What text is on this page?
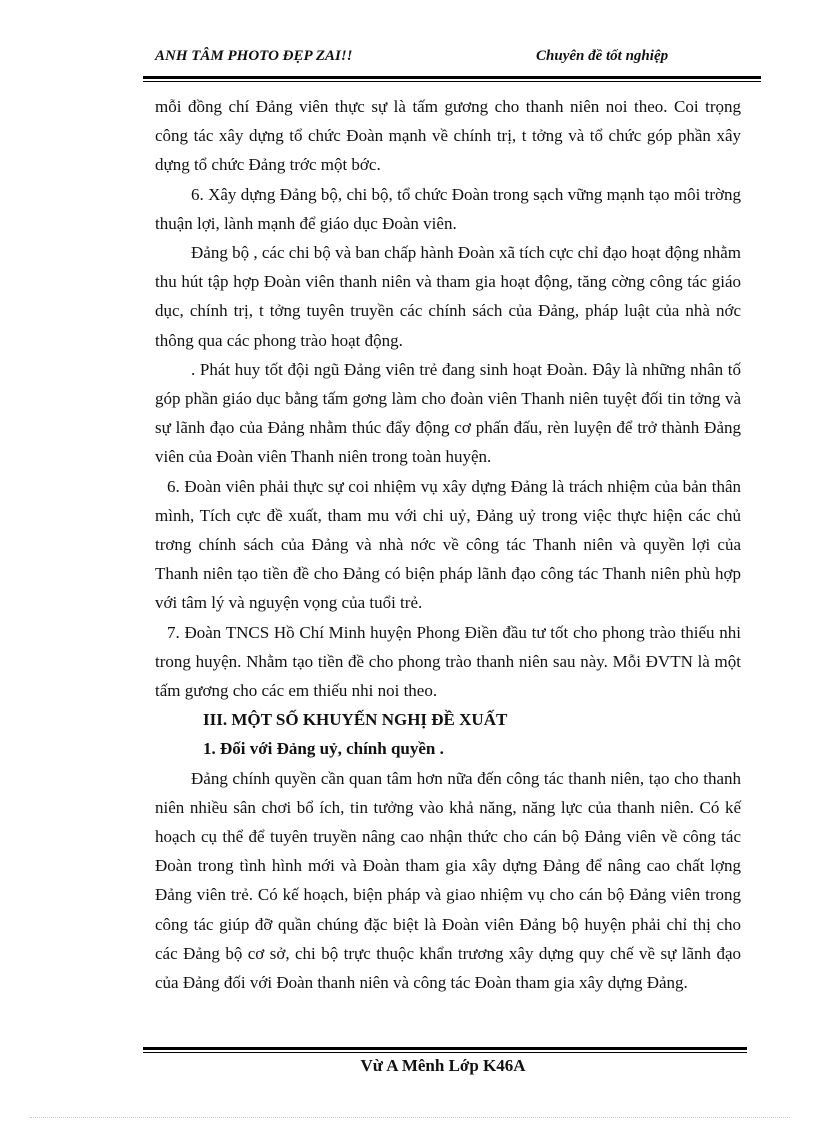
ANH TÂM PHOTO ĐẸP ZAI!!	Chuyên đề tốt nghiệp

mỗi đồng chí Đảng viên thực sự là tấm gương cho thanh niên noi theo. Coi trọng công tác xây dựng tổ chức Đoàn mạnh về chính trị, t tởng và tổ chức góp phần xây dựng tổ chức Đảng trớc một bớc.

6. Xây dựng Đảng bộ, chi bộ, tổ chức Đoàn trong sạch vững mạnh tạo môi trờng thuận lợi, lành mạnh để giáo dục Đoàn viên.

Đảng bộ , các chi bộ và ban chấp hành Đoàn xã tích cực chỉ đạo hoạt động nhằm thu hút tập hợp Đoàn viên thanh niên và tham gia hoạt động, tăng cờng công tác giáo dục, chính trị, t tởng tuyên truyền các chính sách của Đảng, pháp luật của nhà nớc thông qua các phong trào hoạt động.

. Phát huy tốt đội ngũ Đảng viên trẻ đang sinh hoạt Đoàn. Đây là những nhân tố góp phần giáo dục bằng tấm gơng làm cho đoàn viên Thanh niên tuyệt đối tin tởng và sự lãnh đạo của Đảng nhằm thúc đẩy động cơ phấn đấu, rèn luyện để trở thành Đảng viên của Đoàn viên Thanh niên trong toàn huyện.

6. Đoàn viên phải thực sự coi nhiệm vụ xây dựng Đảng là trách nhiệm của bản thân mình, Tích cực đề xuất, tham mu với chi uỷ, Đảng uỷ trong việc thực hiện các chủ trơng chính sách của Đảng và nhà nớc về công tác Thanh niên và quyền lợi của Thanh niên tạo tiền đề cho Đảng có biện pháp lãnh đạo công tác Thanh niên phù hợp với tâm lý và nguyện vọng của tuổi trẻ.

7. Đoàn TNCS Hồ Chí Minh huyện Phong Điền đầu tư tốt cho phong trào thiếu nhi trong huyện. Nhằm tạo tiền đề cho phong trào thanh niên sau này. Mỗi ĐVTN là một tấm gương cho các em thiếu nhi noi theo.

III. MỘT SỐ KHUYẾN NGHỊ ĐỀ XUẤT

1. Đối với Đảng uỷ, chính quyền .

Đảng chính quyền cần quan tâm hơn nữa đến công tác thanh niên, tạo cho thanh niên nhiều sân chơi bổ ích, tin tưởng vào khả năng, năng lực của thanh niên. Có kế hoạch cụ thể để tuyên truyền nâng cao nhận thức cho cán bộ Đảng viên về công tác Đoàn trong tình hình mới và Đoàn tham gia xây dựng Đảng để nâng cao chất lợng Đảng viên trẻ. Có kế hoạch, biện pháp và giao nhiệm vụ cho cán bộ Đảng viên trong công tác giúp đỡ quần chúng đặc biệt là Đoàn viên Đảng bộ huyện phải chỉ thị cho các Đảng bộ cơ sở, chi bộ trực thuộc khẩn trương xây dựng quy chế về sự lãnh đạo của Đảng đối với Đoàn thanh niên và công tác Đoàn tham gia xây dựng Đảng.

Vừ A Mênh Lớp K46A
